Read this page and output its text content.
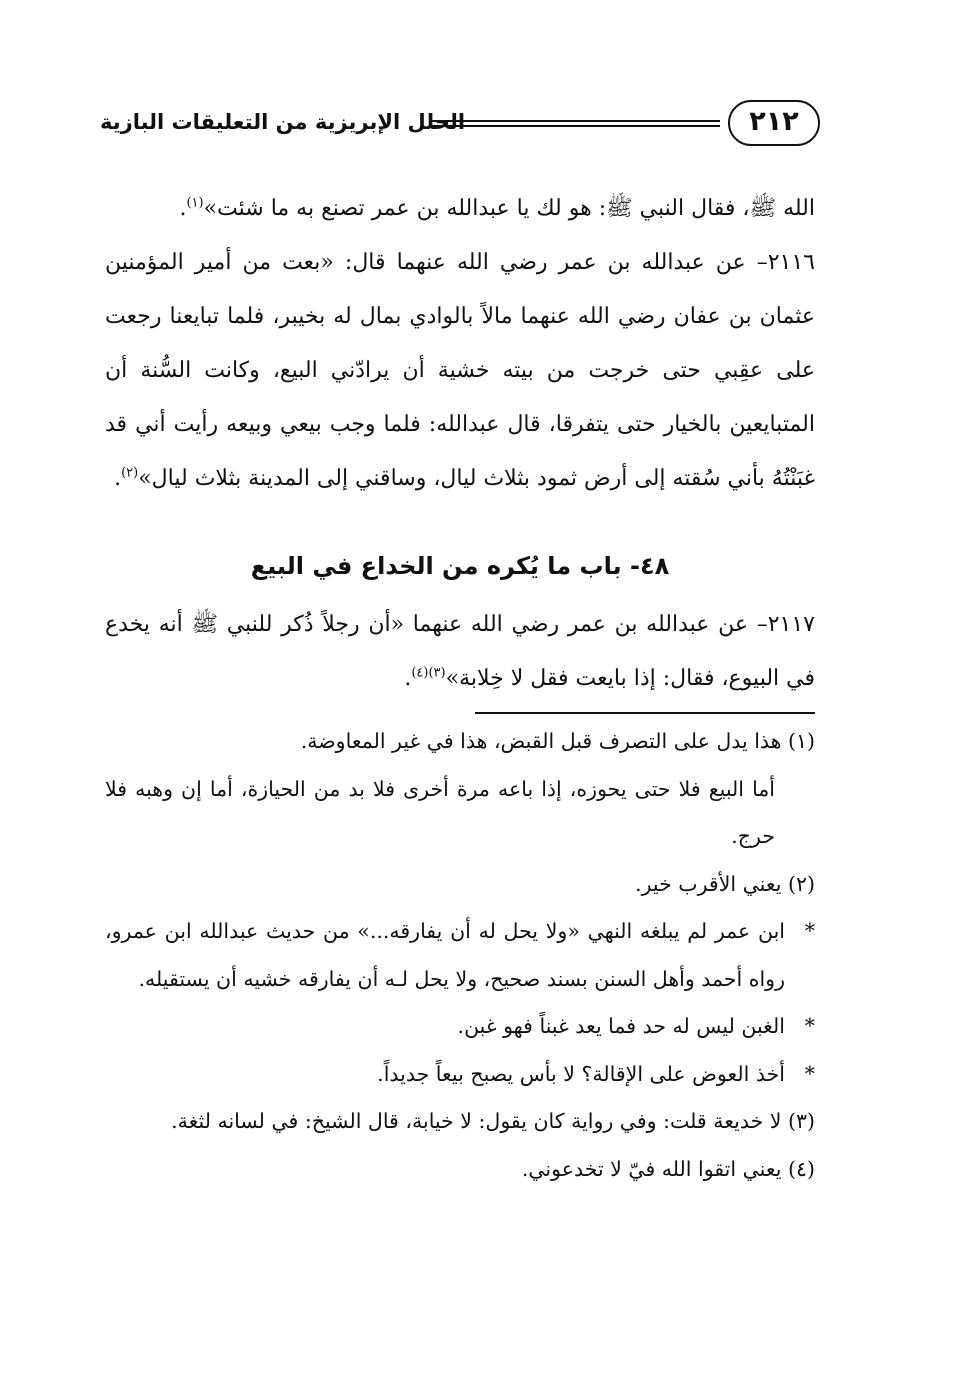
الحلل الإبريزية من التعليقات البازية	٢١٢

الله ﷺ، فقال النبي ﷺ: هو لك يا عبدالله بن عمر تصنع به ما شئت»$^{(١)}$.

٢١١٦– عن عبدالله بن عمر رضي الله عنهما قال: «بعت من أمير المؤمنين عثمان بن عفان رضي الله عنهما مالاً بالوادي بمال له بخيبر، فلما تبايعنا رجعت على عقِبي حتى خرجت من بيته خشية أن يرادّني البيع، وكانت السُّنة أن المتبايعين بالخيار حتى يتفرقا، قال عبدالله: فلما وجب بيعي وبيعه رأيت أني قد غبَنْتُهُ بأني سُقته إلى أرض ثمود بثلاث ليال، وساقني إلى المدينة بثلاث ليال»$^{(٢)}$.

٤٨- باب ما يُكره من الخداع في البيع

٢١١٧– عن عبدالله بن عمر رضي الله عنهما «أن رجلاً ذُكر للنبي ﷺ أنه يخدع في البيوع، فقال: إذا بايعت فقل لا خِلابة»$^{(٣)(٤)}$.

(١) هذا يدل على التصرف قبل القبض، هذا في غير المعاوضة.

أما البيع فلا حتى يحوزه، إذا باعه مرة أخرى فلا بد من الحيازة، أما إن وهبه فلا حرج.

(٢) يعني الأقرب خير.

*
ابن عمر لم يبلغه النهي «ولا يحل له أن يفارقه...» من حديث عبدالله ابن عمرو، رواه أحمد وأهل السنن بسند صحيح، ولا يحل لـه أن يفارقه خشيه أن يستقيله.

*
الغبن ليس له حد فما يعد غبناً فهو غبن.

*
أخذ العوض على الإقالة؟ لا بأس يصبح بيعاً جديداً.

(٣) لا خديعة قلت: وفي رواية كان يقول: لا خيابة، قال الشيخ: في لسانه لثغة.

(٤) يعني اتقوا الله فيّ لا تخدعوني.
